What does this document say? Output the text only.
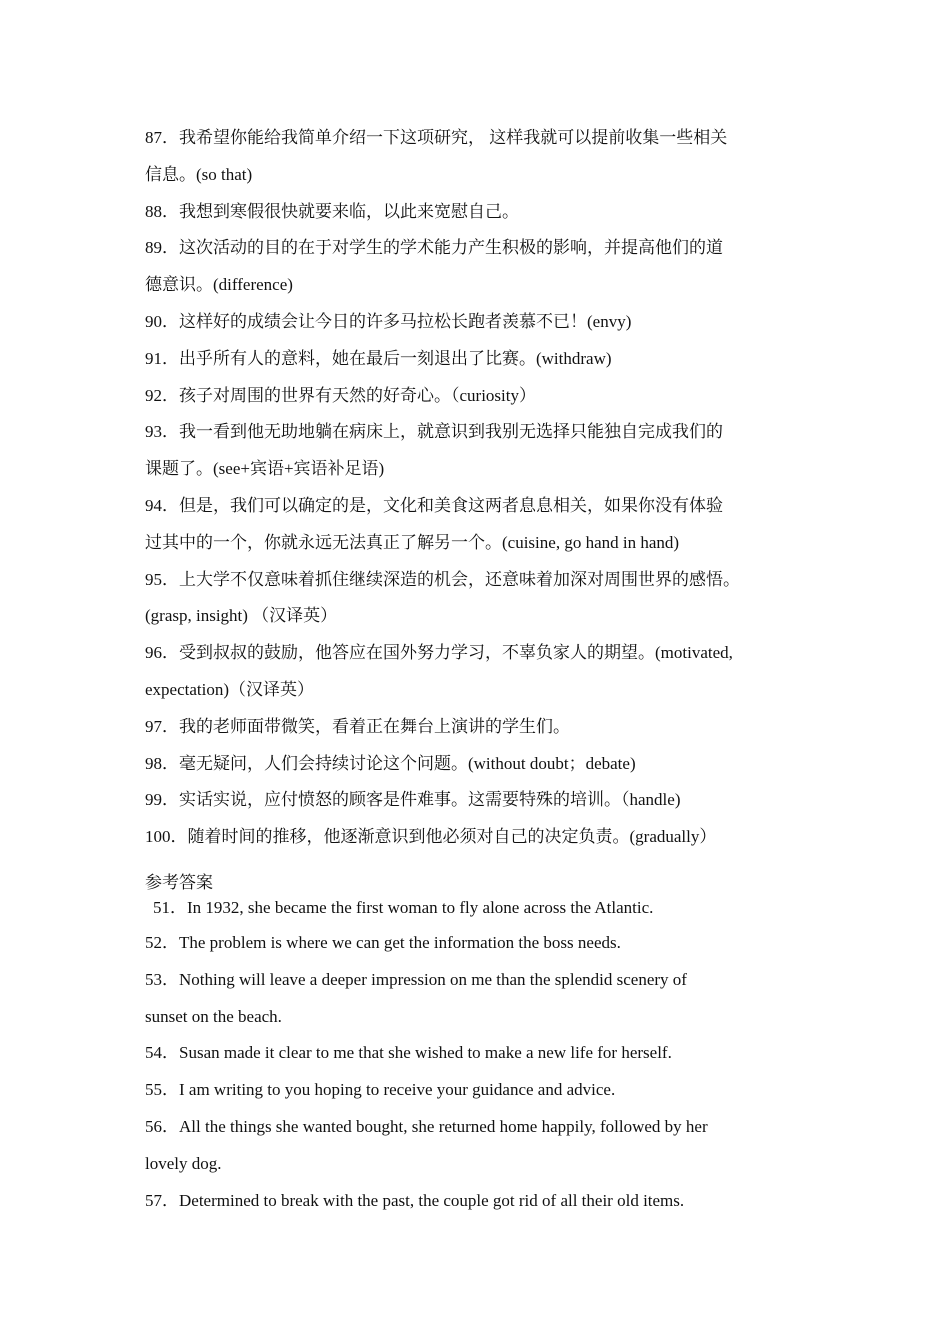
87．我希望你能给我简单介绍一下这项研究， 这样我就可以提前收集一些相关

信息。(so that)

88．我想到寒假很快就要来临，以此来宽慰自己。

89．这次活动的目的在于对学生的学术能力产生积极的影响，并提高他们的道

德意识。(difference)

90．这样好的成绩会让今日的许多马拉松长跑者羡慕不已！(envy)

91．出乎所有人的意料，她在最后一刻退出了比赛。(withdraw)

92．孩子对周围的世界有天然的好奇心。（curiosity）

93．我一看到他无助地躺在病床上，就意识到我别无选择只能独自完成我们的

课题了。(see+宾语+宾语补足语)

94．但是，我们可以确定的是，文化和美食这两者息息相关，如果你没有体验

过其中的一个，你就永远无法真正了解另一个。(cuisine, go hand in hand)

95．上大学不仅意味着抓住继续深造的机会，还意味着加深对周围世界的感悟。

(grasp, insight) （汉译英）

96．受到叔叔的鼓励，他答应在国外努力学习，不辜负家人的期望。(motivated,

expectation)（汉译英）

97．我的老师面带微笑，看着正在舞台上演讲的学生们。

98．毫无疑问，人们会持续讨论这个问题。(without doubt；debate)

99．实话实说，应付愤怒的顾客是件难事。这需要特殊的培训。（handle)

100．随着时间的推移，他逐渐意识到他必须对自己的决定负责。(gradually）

参考答案

51．In 1932, she became the first woman to fly alone across the Atlantic.

52．The problem is where we can get the information the boss needs.

53．Nothing will leave a deeper impression on me than the splendid scenery of

sunset on the beach.

54．Susan made it clear to me that she wished to make a new life for herself.

55．I am writing to you hoping to receive your guidance and advice.

56．All the things she wanted bought, she returned home happily, followed by her

lovely dog.

57．Determined to break with the past, the couple got rid of all their old items.
